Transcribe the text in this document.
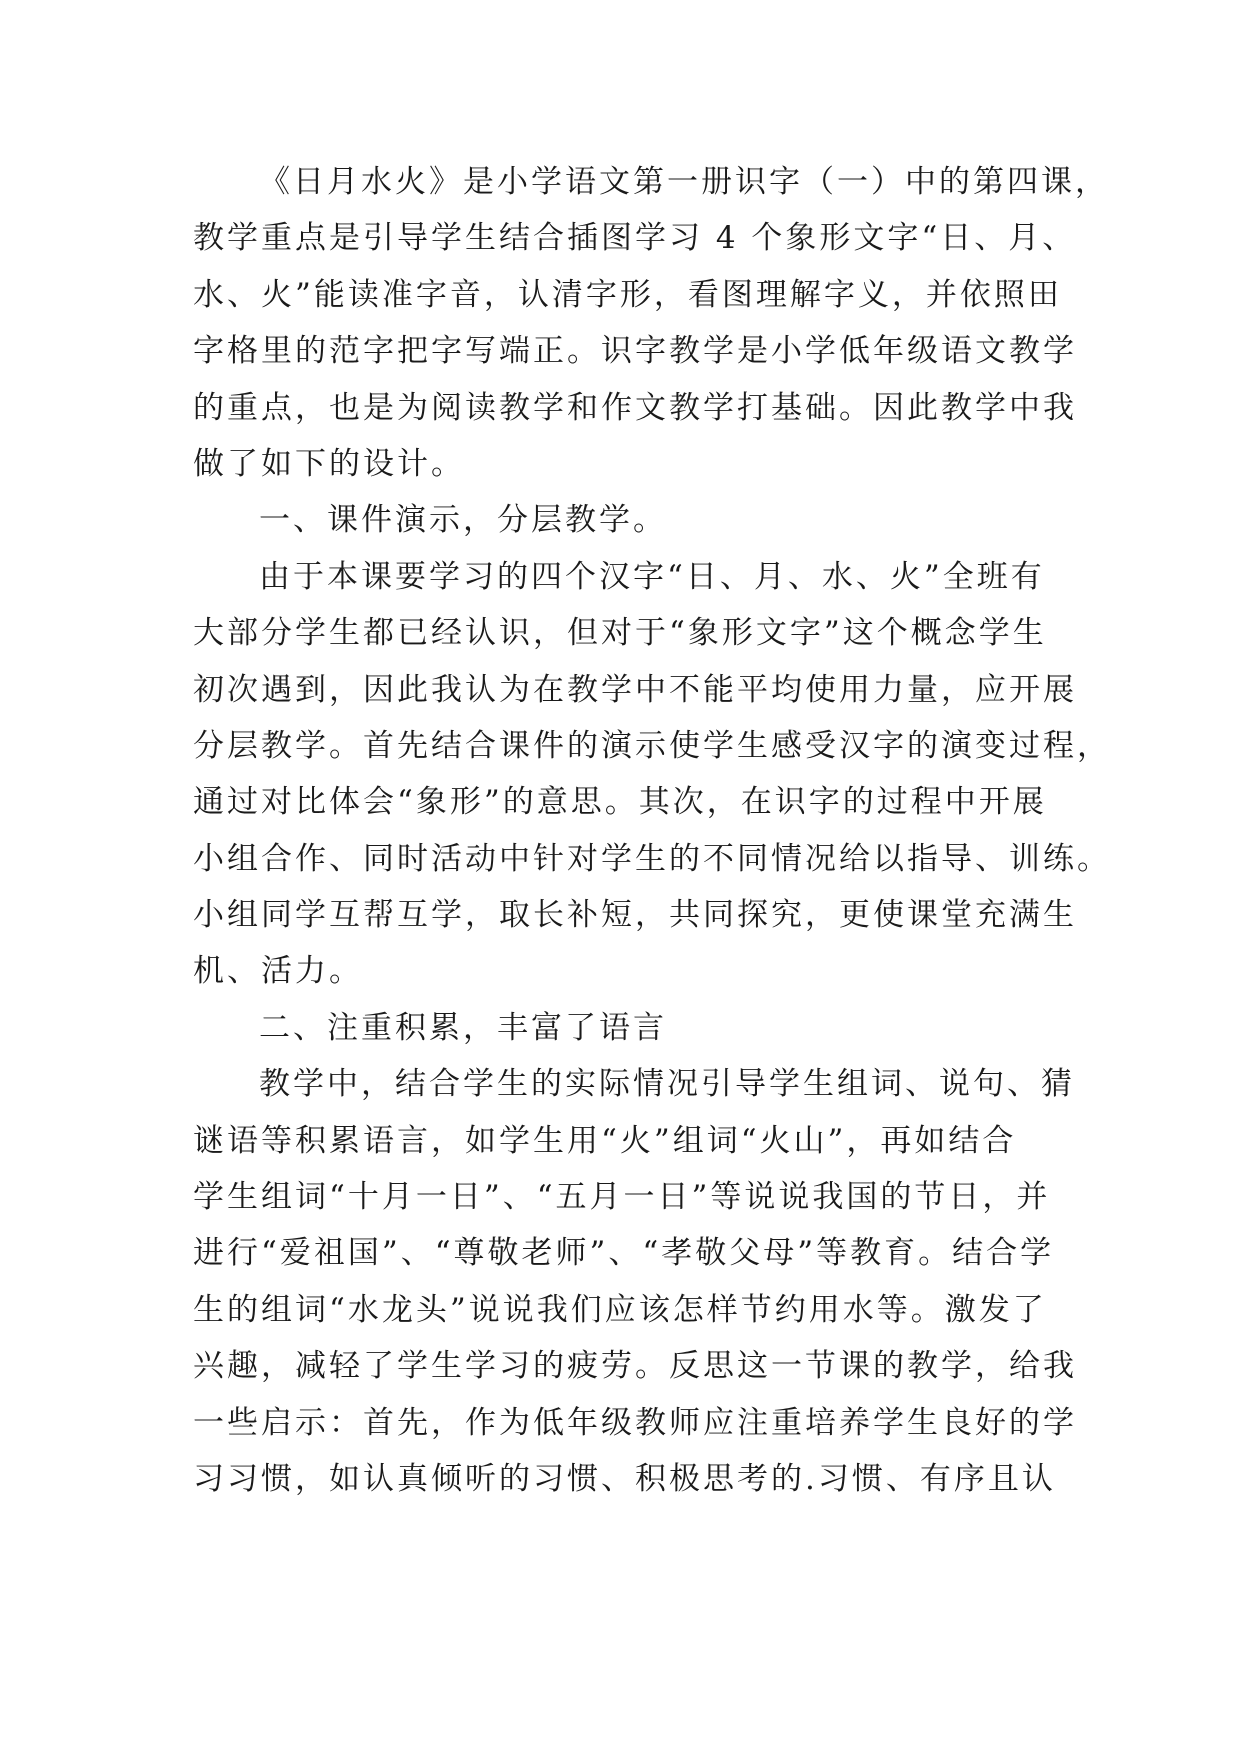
《日月水火》是小学语文第一册识字（一）中的第四课，
教学重点是引导学生结合插图学习 4 个象形文字“日、月、
水、火”能读准字音，认清字形，看图理解字义，并依照田
字格里的范字把字写端正。识字教学是小学低年级语文教学
的重点，也是为阅读教学和作文教学打基础。因此教学中我
做了如下的设计。
一、课件演示，分层教学。
由于本课要学习的四个汉字“日、月、水、火”全班有
大部分学生都已经认识，但对于“象形文字”这个概念学生
初次遇到，因此我认为在教学中不能平均使用力量，应开展
分层教学。首先结合课件的演示使学生感受汉字的演变过程，
通过对比体会“象形”的意思。其次，在识字的过程中开展
小组合作、同时活动中针对学生的不同情况给以指导、训练。
小组同学互帮互学，取长补短，共同探究，更使课堂充满生
机、活力。
二、注重积累，丰富了语言
教学中，结合学生的实际情况引导学生组词、说句、猜
谜语等积累语言，如学生用“火”组词“火山”，再如结合
学生组词“十月一日”、“五月一日”等说说我国的节日，并
进行“爱祖国”、“尊敬老师”、“孝敬父母”等教育。结合学
生的组词“水龙头”说说我们应该怎样节约用水等。激发了
兴趣，减轻了学生学习的疲劳。反思这一节课的教学，给我
一些启示：首先，作为低年级教师应注重培养学生良好的学
习习惯，如认真倾听的习惯、积极思考的.习惯、有序且认
